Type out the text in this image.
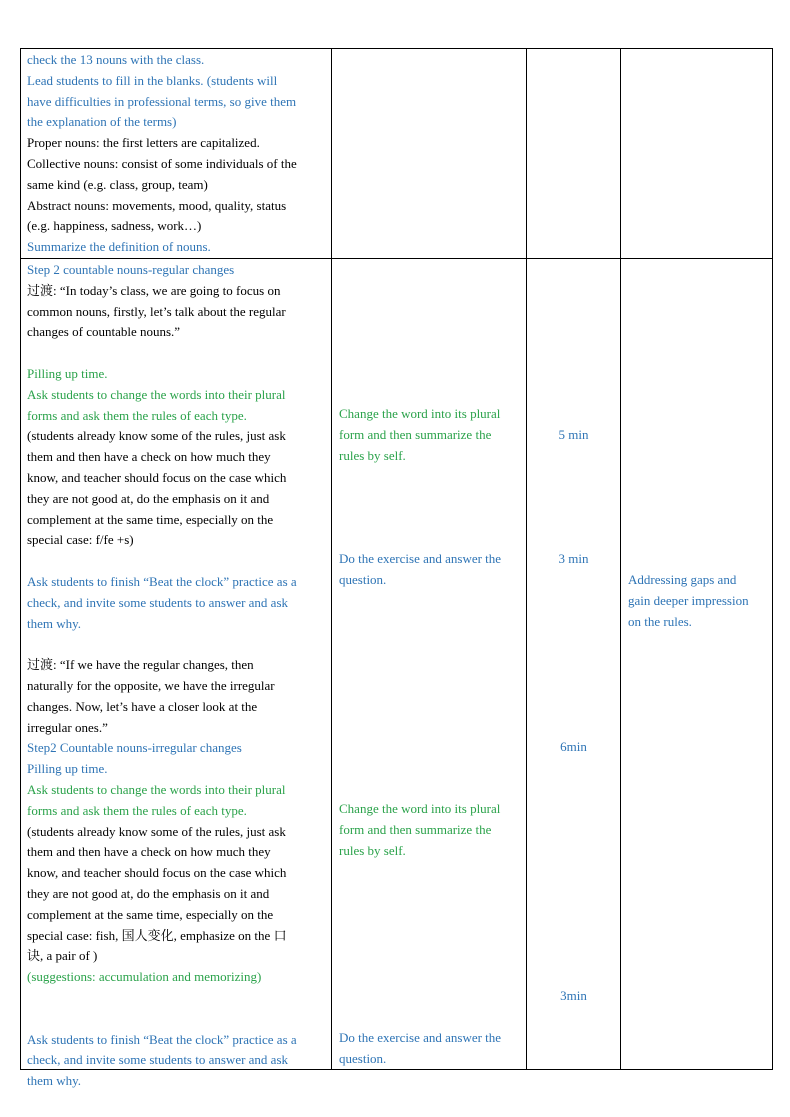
check the 13 nouns with the class.
Lead students to fill in the blanks. (students will
have difficulties in professional terms, so give them
the explanation of the terms)
Proper nouns: the first letters are capitalized.
Collective nouns: consist of some individuals of the
same kind (e.g. class, group, team)
Abstract nouns: movements, mood, quality, status
(e.g. happiness, sadness, work…)
Summarize the definition of nouns.
Step 2 countable nouns-regular changes
过渡: “In today’s class, we are going to focus on
common nouns, firstly, let’s talk about the regular
changes of countable nouns.”
Pilling up time.
Ask students to change the words into their plural
forms and ask them the rules of each type.
(students already know some of the rules, just ask
them and then have a check on how much they
know, and teacher should focus on the case which
they are not good at, do the emphasis on it and
complement at the same time, especially on the
special case: f/fe +s)
Ask students to finish “Beat the clock” practice as a
check, and invite some students to answer and ask
them why.
过渡: “If we have the regular changes, then
naturally for the opposite, we have the irregular
changes. Now, let’s have a closer look at the
irregular ones.”
Step2 Countable nouns-irregular changes
Pilling up time.
Ask students to change the words into their plural
forms and ask them the rules of each type.
(students already know some of the rules, just ask
them and then have a check on how much they
know, and teacher should focus on the case which
they are not good at, do the emphasis on it and
complement at the same time, especially on the
special case: fish, 国人变化, emphasize on the 口
诀, a pair of )
(suggestions: accumulation and memorizing)
Ask students to finish “Beat the clock” practice as a
check, and invite some students to answer and ask
them why.
Change the word into its plural
form and then summarize the
rules by self.
Do the exercise and answer the
question.
Change the word into its plural
form and then summarize the
rules by self.
Do the exercise and answer the
question.
5 min
3 min
6min
3min
Addressing gaps and
gain deeper impression
on the rules.
